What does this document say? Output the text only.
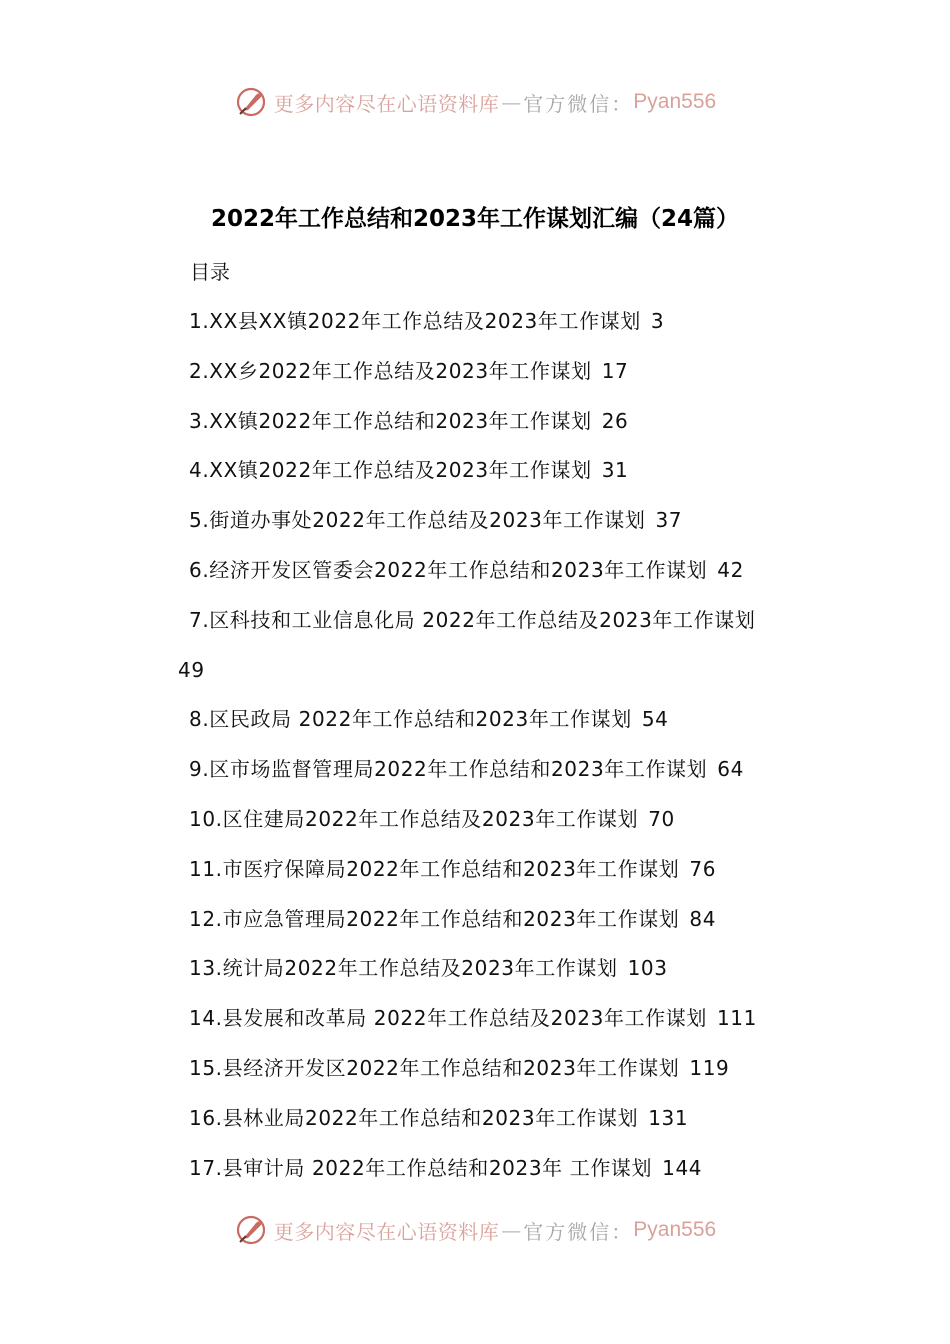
更多内容尽在心语资料库 — 官方微信： Pyan556
2022年工作总结和2023年工作谋划汇编（24篇）
目录
1.XX县XX镇2022年工作总结及2023年工作谋划 3
2.XX乡2022年工作总结及2023年工作谋划 17
3.XX镇2022年工作总结和2023年工作谋划 26
4.XX镇2022年工作总结及2023年工作谋划 31
5.街道办事处2022年工作总结及2023年工作谋划 37
6.经济开发区管委会2022年工作总结和2023年工作谋划 42
7.区科技和工业信息化局 2022年工作总结及2023年工作谋划
49
8.区民政局 2022年工作总结和2023年工作谋划 54
9.区市场监督管理局2022年工作总结和2023年工作谋划 64
10.区住建局2022年工作总结及2023年工作谋划 70
11.市医疗保障局2022年工作总结和2023年工作谋划 76
12.市应急管理局2022年工作总结和2023年工作谋划 84
13.统计局2022年工作总结及2023年工作谋划 103
14.县发展和改革局 2022年工作总结及2023年工作谋划 111
15.县经济开发区2022年工作总结和2023年工作谋划 119
16.县林业局2022年工作总结和2023年工作谋划 131
17.县审计局 2022年工作总结和2023年 工作谋划 144
更多内容尽在心语资料库 — 官方微信： Pyan556
